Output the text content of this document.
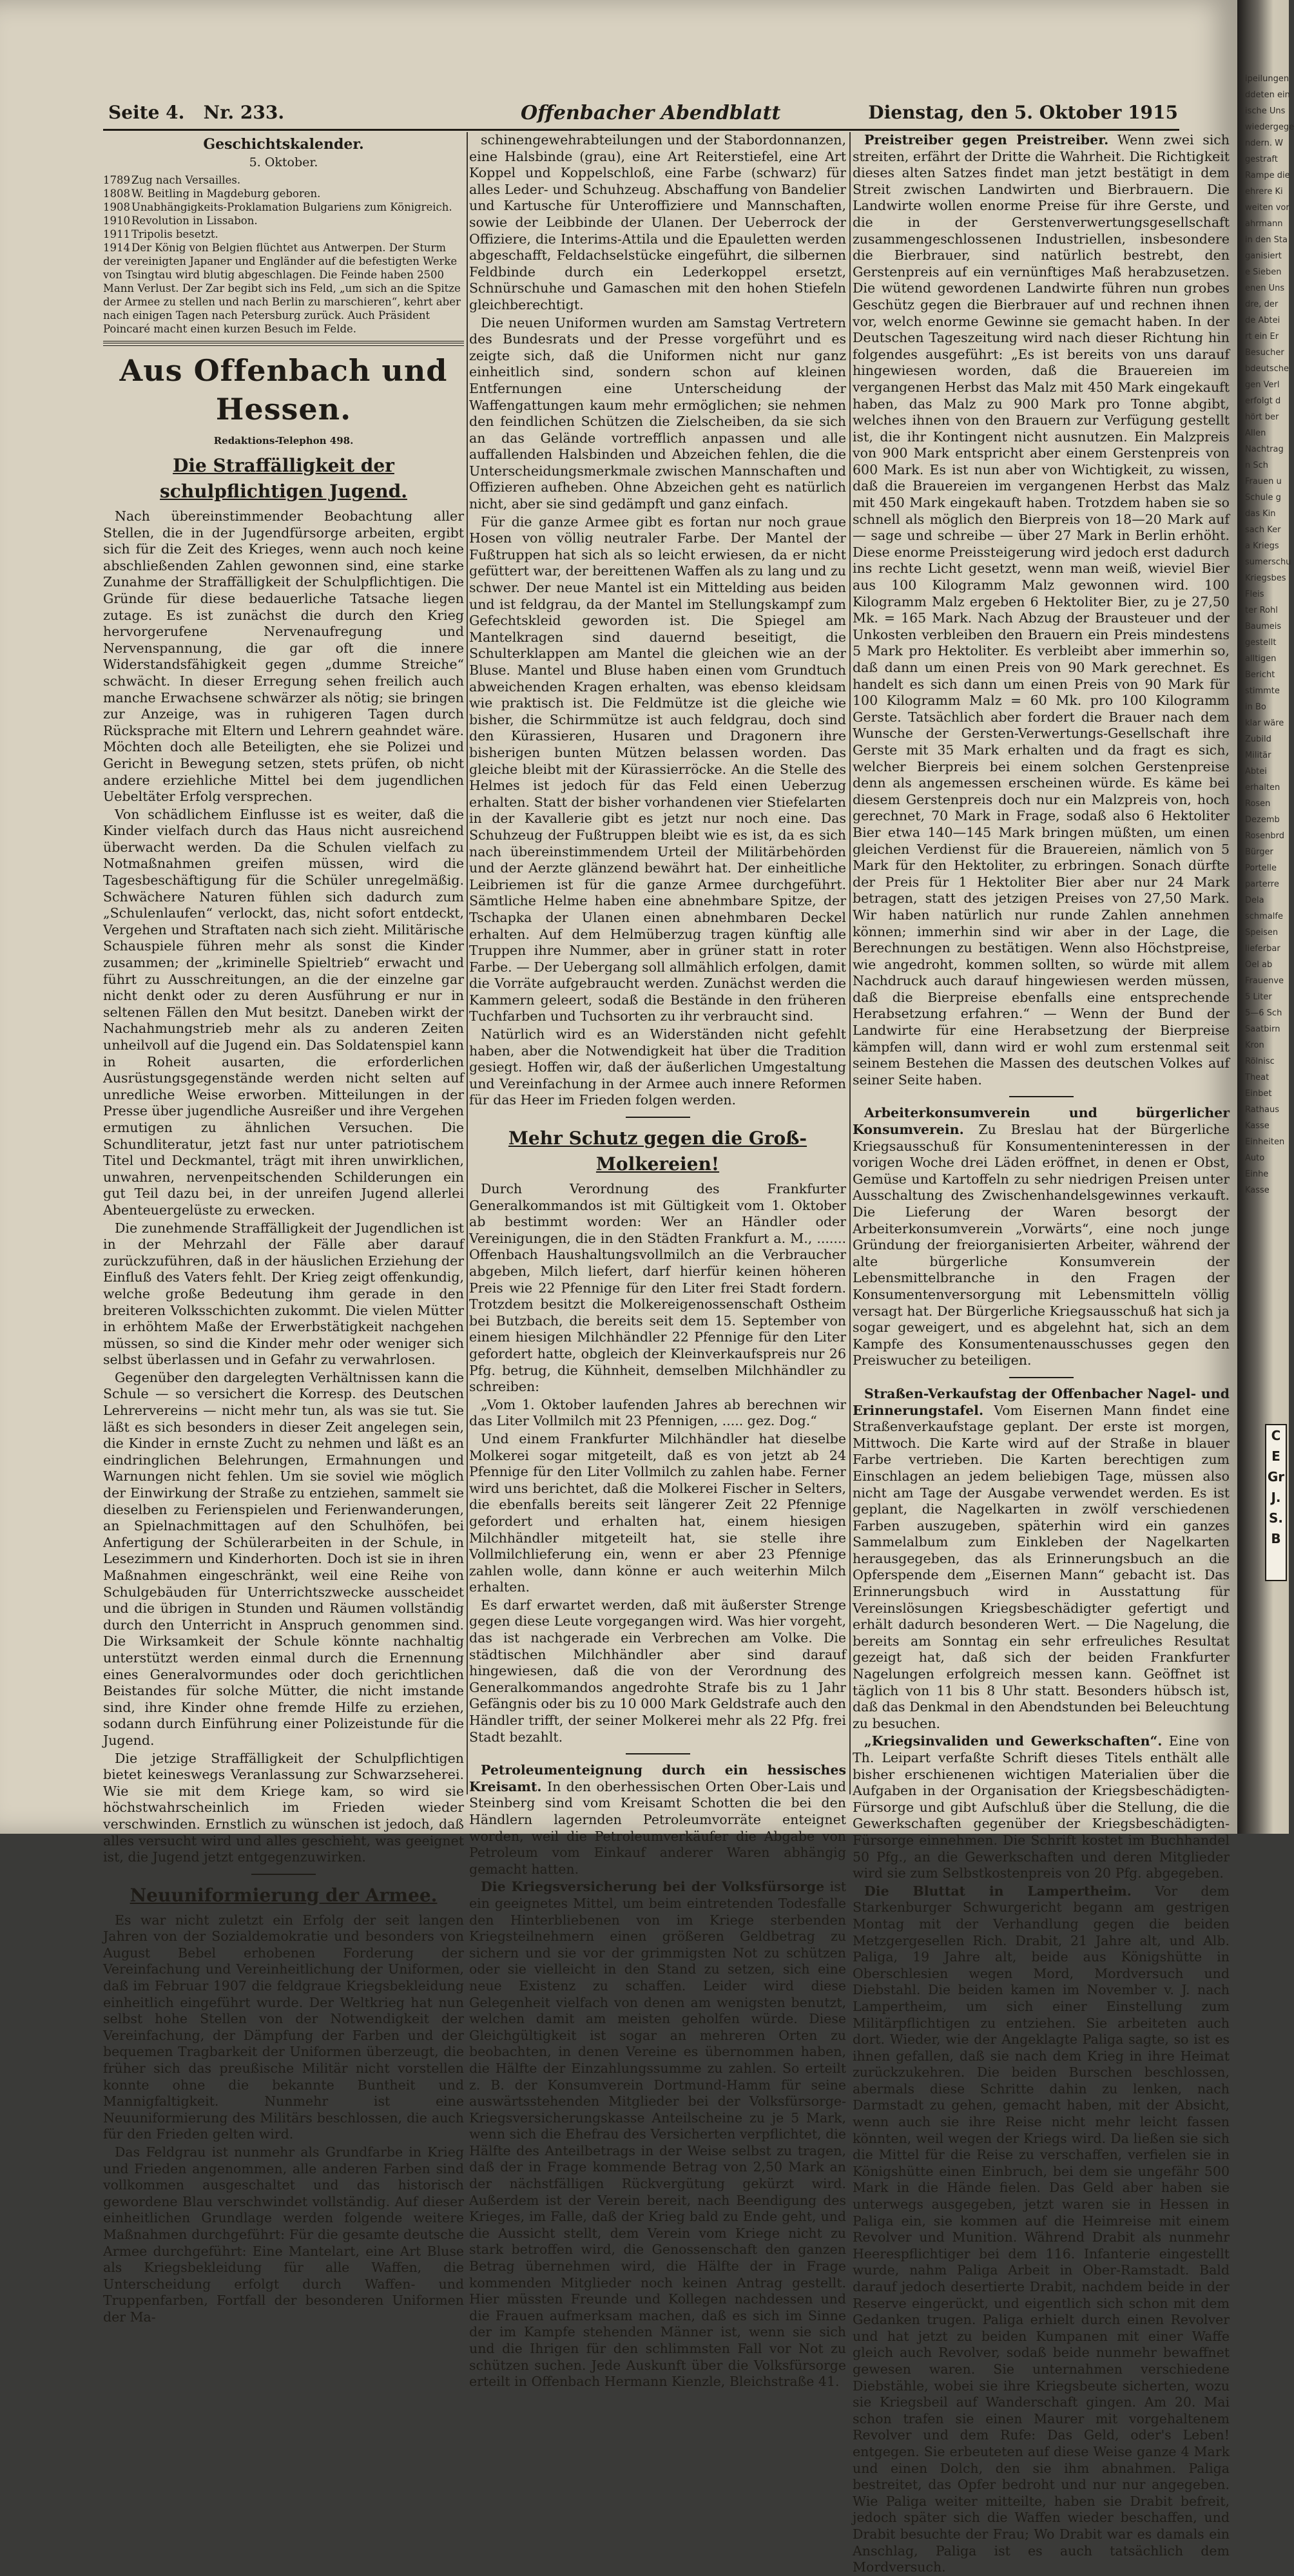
Seite 4. Nr. 233.	Offenbacher Abendblatt	Dienstag, den 5. Oktober 1915
Geschichtskalender.
5. Oktober.
1789 Zug nach Versailles.
1808 W. Beitling in Magdeburg geboren.
1908 Unabhängigkeits-Proklamation Bulgariens zum Königreich.
1910 Revolution in Lissabon.
1911 Tripolis besetzt.
1914 Der König von Belgien flüchtet aus Antwerpen. Der Sturm der vereinigten Japaner und Engländer auf die befestigten Werke von Tsingtau wird blutig abgeschlagen. Die Feinde haben 2500 Mann Verlust. Der Zar begibt sich ins Feld, „um sich an die Spitze der Armee zu stellen und nach Berlin zu marschieren“, kehrt aber nach einigen Tagen nach Petersburg zurück. Auch Präsident Poincaré macht einen kurzen Besuch im Felde.
Aus Offenbach und Hessen.
Redaktions-Telephon 498.
Die Straffälligkeit der schulpflichtigen Jugend.

Nach übereinstimmender Beobachtung aller Stellen, die in der Jugendfürsorge arbeiten, ergibt sich für die Zeit des Krieges, wenn auch noch keine abschließenden Zahlen gewonnen sind, eine starke Zunahme der Straffälligkeit der Schulpflichtigen. Die Gründe für diese bedauerliche Tatsache liegen zutage. Es ist zunächst die durch den Krieg hervorgerufene Nervenaufregung und Nervenspannung, die gar oft die innere Widerstandsfähigkeit gegen „dumme Streiche“ schwächt. In dieser Erregung sehen freilich auch manche Erwachsene schwärzer als nötig; sie bringen zur Anzeige, was in ruhigeren Tagen durch Rücksprache mit Eltern und Lehrern geahndet wäre. Möchten doch alle Beteiligten, ehe sie Polizei und Gericht in Bewegung setzen, stets prüfen, ob nicht andere erziehliche Mittel bei dem jugendlichen Uebeltäter Erfolg versprechen.

Von schädlichem Einflusse ist es weiter, daß die Kinder vielfach durch das Haus nicht ausreichend überwacht werden. Da die Schulen vielfach zu Notmaßnahmen greifen müssen, wird die Tagesbeschäftigung für die Schüler unregelmäßig. Schwächere Naturen fühlen sich dadurch zum „Schulenlaufen“ verlockt, das, nicht sofort entdeckt, Vergehen und Straftaten nach sich zieht. Militärische Schauspiele führen mehr als sonst die Kinder zusammen; der „kriminelle Spieltrieb“ erwacht und führt zu Ausschreitungen, an die der einzelne gar nicht denkt oder zu deren Ausführung er nur in seltenen Fällen den Mut besitzt. Daneben wirkt der Nachahmungstrieb mehr als zu anderen Zeiten unheilvoll auf die Jugend ein. Das Soldatenspiel kann in Roheit ausarten, die erforderlichen Ausrüstungsgegenstände werden nicht selten auf unredliche Weise erworben. Mitteilungen in der Presse über jugendliche Ausreißer und ihre Vergehen ermutigen zu ähnlichen Versuchen. Die Schundliteratur, jetzt fast nur unter patriotischem Titel und Deckmantel, trägt mit ihren unwirklichen, unwahren, nervenpeitschenden Schilderungen ein gut Teil dazu bei, in der unreifen Jugend allerlei Abenteuergelüste zu erwecken.

Die zunehmende Straffälligkeit der Jugendlichen ist in der Mehrzahl der Fälle aber darauf zurückzuführen, daß in der häuslichen Erziehung der Einfluß des Vaters fehlt. Der Krieg zeigt offenkundig, welche große Bedeutung ihm gerade in den breiteren Volksschichten zukommt. Die vielen Mütter in erhöhtem Maße der Erwerbstätigkeit nachgehen müssen, so sind die Kinder mehr oder weniger sich selbst überlassen und in Gefahr zu verwahrlosen.

Gegenüber den dargelegten Verhältnissen kann die Schule — so versichert die Korresp. des Deutschen Lehrervereins — nicht mehr tun, als was sie tut. Sie läßt es sich besonders in dieser Zeit angelegen sein, die Kinder in ernste Zucht zu nehmen und läßt es an eindringlichen Belehrungen, Ermahnungen und Warnungen nicht fehlen. Um sie soviel wie möglich der Einwirkung der Straße zu entziehen, sammelt sie dieselben zu Ferienspielen und Ferienwanderungen, an Spielnachmittagen auf den Schulhöfen, bei Anfertigung der Schülerarbeiten in der Schule, in Lesezimmern und Kinderhorten. Doch ist sie in ihren Maßnahmen eingeschränkt, weil eine Reihe von Schulgebäuden für Unterrichtszwecke ausscheidet und die übrigen in Stunden und Räumen vollständig durch den Unterricht in Anspruch genommen sind. Die Wirksamkeit der Schule könnte nachhaltig unterstützt werden einmal durch die Ernennung eines Generalvormundes oder doch gerichtlichen Beistandes für solche Mütter, die nicht imstande sind, ihre Kinder ohne fremde Hilfe zu erziehen, sodann durch Einführung einer Polizeistunde für die Jugend.

Die jetzige Straffälligkeit der Schulpflichtigen bietet keineswegs Veranlassung zur Schwarzseherei. Wie sie mit dem Kriege kam, so wird sie höchstwahrscheinlich im Frieden wieder verschwinden. Ernstlich zu wünschen ist jedoch, daß alles versucht wird und alles geschieht, was geeignet ist, die Jugend jetzt entgegenzuwirken.

Neuuniformierung der Armee.

Es war nicht zuletzt ein Erfolg der seit langen Jahren von der Sozialdemokratie und besonders von August Bebel erhobenen Forderung der Vereinfachung und Vereinheitlichung der Uniformen, daß im Februar 1907 die feldgraue Kriegsbekleidung einheitlich eingeführt wurde. Der Weltkrieg hat nun selbst hohe Stellen von der Notwendigkeit der Vereinfachung, der Dämpfung der Farben und der bequemen Tragbarkeit der Uniformen überzeugt, die früher sich das preußische Militär nicht vorstellen konnte ohne die bekannte Buntheit und Mannigfaltigkeit. Nunmehr ist eine Neuuniformierung des Militärs beschlossen, die auch für den Frieden gelten wird.

Das Feldgrau ist nunmehr als Grundfarbe in Krieg und Frieden angenommen, alle anderen Farben sind vollkommen ausgeschaltet und das historisch gewordene Blau verschwindet vollständig. Auf dieser einheitlichen Grundlage werden folgende weitere Maßnahmen durchgeführt: Für die gesamte deutsche Armee durchgeführt: Eine Mantelart, eine Art Bluse als Kriegsbekleidung für alle Waffen, die Unterscheidung erfolgt durch Waffen- und Truppenfarben, Fortfall der besonderen Uniformen der Ma-

schinengewehrabteilungen und der Stabordonnanzen, eine Halsbinde (grau), eine Art Reiterstiefel, eine Art Koppel und Koppelschloß, eine Farbe (schwarz) für alles Leder- und Schuhzeug. Abschaffung von Bandelier und Kartusche für Unteroffiziere und Mannschaften, sowie der Leibbinde der Ulanen. Der Ueberrock der Offiziere, die Interims-Attila und die Epauletten werden abgeschafft, Feldachselstücke eingeführt, die silbernen Feldbinde durch ein Lederkoppel ersetzt, Schnürschuhe und Gamaschen mit den hohen Stiefeln gleichberechtigt.

Die neuen Uniformen wurden am Samstag Vertretern des Bundesrats und der Presse vorgeführt und es zeigte sich, daß die Uniformen nicht nur ganz einheitlich sind, sondern schon auf kleinen Entfernungen eine Unterscheidung der Waffengattungen kaum mehr ermöglichen; sie nehmen den feindlichen Schützen die Zielscheiben, da sie sich an das Gelände vortrefflich anpassen und alle auffallenden Halsbinden und Abzeichen fehlen, die die Unterscheidungsmerkmale zwischen Mannschaften und Offizieren aufheben. Ohne Abzeichen geht es natürlich nicht, aber sie sind gedämpft und ganz einfach.

Für die ganze Armee gibt es fortan nur noch graue Hosen von völlig neutraler Farbe. Der Mantel der Fußtruppen hat sich als so leicht erwiesen, da er nicht gefüttert war, der bereittenen Waffen als zu lang und zu schwer. Der neue Mantel ist ein Mittelding aus beiden und ist feldgrau, da der Mantel im Stellungskampf zum Gefechtskleid geworden ist. Die Spiegel am Mantelkragen sind dauernd beseitigt, die Schulterklappen am Mantel die gleichen wie an der Bluse. Mantel und Bluse haben einen vom Grundtuch abweichenden Kragen erhalten, was ebenso kleidsam wie praktisch ist. Die Feldmütze ist die gleiche wie bisher, die Schirmmütze ist auch feldgrau, doch sind den Kürassieren, Husaren und Dragonern ihre bisherigen bunten Mützen belassen worden. Das gleiche bleibt mit der Kürassierröcke. An die Stelle des Helmes ist jedoch für das Feld einen Ueberzug erhalten. Statt der bisher vorhandenen vier Stiefelarten in der Kavallerie gibt es jetzt nur noch eine. Das Schuhzeug der Fußtruppen bleibt wie es ist, da es sich nach übereinstimmendem Urteil der Militärbehörden und der Aerzte glänzend bewährt hat. Der einheitliche Leibriemen ist für die ganze Armee durchgeführt. Sämtliche Helme haben eine abnehmbare Spitze, der Tschapka der Ulanen einen abnehmbaren Deckel erhalten. Auf dem Helmüberzug tragen künftig alle Truppen ihre Nummer, aber in grüner statt in roter Farbe. — Der Uebergang soll allmählich erfolgen, damit die Vorräte aufgebraucht werden. Zunächst werden die Kammern geleert, sodaß die Bestände in den früheren Tuchfarben und Tuchsorten zu ihr verbraucht sind.

Natürlich wird es an Widerständen nicht gefehlt haben, aber die Notwendigkeit hat über die Tradition gesiegt. Hoffen wir, daß der äußerlichen Umgestaltung und Vereinfachung in der Armee auch innere Reformen für das Heer im Frieden folgen werden.

Mehr Schutz gegen die Groß-Molkereien!

Durch Verordnung des Frankfurter Generalkommandos ist mit Gültigkeit vom 1. Oktober ab bestimmt worden: Wer an Händler oder Vereinigungen, die in den Städten Frankfurt a. M., ....... Offenbach Haushaltungsvollmilch an die Verbraucher abgeben, Milch liefert, darf hierfür keinen höheren Preis wie 22 Pfennige für den Liter frei Stadt fordern. Trotzdem besitzt die Molkereigenossenschaft Ostheim bei Butzbach, die bereits seit dem 15. September von einem hiesigen Milchhändler 22 Pfennige für den Liter gefordert hatte, obgleich der Kleinverkaufspreis nur 26 Pfg. betrug, die Kühnheit, demselben Milchhändler zu schreiben:

„Vom 1. Oktober laufenden Jahres ab berechnen wir das Liter Vollmilch mit 23 Pfennigen, ..... gez. Dog.“

Und einem Frankfurter Milchhändler hat dieselbe Molkerei sogar mitgeteilt, daß es von jetzt ab 24 Pfennige für den Liter Vollmilch zu zahlen habe. Ferner wird uns berichtet, daß die Molkerei Fischer in Selters, die ebenfalls bereits seit längerer Zeit 22 Pfennige gefordert und erhalten hat, einem hiesigen Milchhändler mitgeteilt hat, sie stelle ihre Vollmilchlieferung ein, wenn er aber 23 Pfennige zahlen wolle, dann könne er auch weiterhin Milch erhalten.

Es darf erwartet werden, daß mit äußerster Strenge gegen diese Leute vorgegangen wird. Was hier vorgeht, das ist nachgerade ein Verbrechen am Volke. Die städtischen Milchhändler aber sind darauf hingewiesen, daß die von der Verordnung des Generalkommandos angedrohte Strafe bis zu 1 Jahr Gefängnis oder bis zu 10 000 Mark Geldstrafe auch den Händler trifft, der seiner Molkerei mehr als 22 Pfg. frei Stadt bezahlt.

Petroleumenteignung durch ein hessisches Kreisamt. In den oberhessischen Orten Ober-Lais und Steinberg sind vom Kreisamt Schotten die bei den Händlern lagernden Petroleumvorräte enteignet worden, weil die Petroleumverkäufer die Abgabe von Petroleum vom Einkauf anderer Waren abhängig gemacht hatten.

Die Kriegsversicherung bei der Volksfürsorge ist ein geeignetes Mittel, um beim eintretenden Todesfalle den Hinterbliebenen von im Kriege sterbenden Kriegsteilnehmern einen größeren Geldbetrag zu sichern und sie vor der grimmigsten Not zu schützen oder sie vielleicht in den Stand zu setzen, sich eine neue Existenz zu schaffen. Leider wird diese Gelegenheit vielfach von denen am wenigsten benutzt, welchen damit am meisten geholfen würde. Diese Gleichgültigkeit ist sogar an mehreren Orten zu beobachten, in denen Vereine es übernommen haben, die Hälfte der Einzahlungssumme zu zahlen. So erteilt z. B. der Konsumverein Dortmund-Hamm für seine auswärtsstehenden Mitglieder bei der Volksfürsorge-Kriegsversicherungskasse Anteilscheine zu je 5 Mark, wenn sich die Ehefrau des Versicherten verpflichtet, die Hälfte des Anteilbetrags in der Weise selbst zu tragen, daß der in Frage kommende Betrag von 2,50 Mark an der nächstfälligen Rückvergütung gekürzt wird. Außerdem ist der Verein bereit, nach Beendigung des Krieges, im Falle, daß der Krieg bald zu Ende geht, und die Aussicht stellt, dem Verein vom Kriege nicht zu stark betroffen wird, die Genossenschaft den ganzen Betrag übernehmen wird, die Hälfte der in Frage kommenden Mitglieder noch keinen Antrag gestellt. Hier müssten Freunde und Kollegen nachdessen und die Frauen aufmerksam machen, daß es sich im Sinne der im Kampfe stehenden Männer ist, wenn sie sich und die Ihrigen für den schlimmsten Fall vor Not zu schützen suchen. Jede Auskunft über die Volksfürsorge erteilt in Offenbach Hermann Kienzle, Bleichstraße 41.

Preistreiber gegen Preistreiber. Wenn zwei sich streiten, erfährt der Dritte die Wahrheit. Die Richtigkeit dieses alten Satzes findet man jetzt bestätigt in dem Streit zwischen Landwirten und Bierbrauern. Die Landwirte wollen enorme Preise für ihre Gerste, und die in der Gerstenverwertungsgesellschaft zusammengeschlossenen Industriellen, insbesondere die Bierbrauer, sind natürlich bestrebt, den Gerstenpreis auf ein vernünftiges Maß herabzusetzen. Die wütend gewordenen Landwirte führen nun grobes Geschütz gegen die Bierbrauer auf und rechnen ihnen vor, welch enorme Gewinne sie gemacht haben. In der Deutschen Tageszeitung wird nach dieser Richtung hin folgendes ausgeführt: „Es ist bereits von uns darauf hingewiesen worden, daß die Brauereien im vergangenen Herbst das Malz mit 450 Mark eingekauft haben, das Malz zu 900 Mark pro Tonne abgibt, welches ihnen von den Brauern zur Verfügung gestellt ist, die ihr Kontingent nicht ausnutzen. Ein Malzpreis von 900 Mark entspricht aber einem Gerstenpreis von 600 Mark. Es ist nun aber von Wichtigkeit, zu wissen, daß die Brauereien im vergangenen Herbst das Malz mit 450 Mark eingekauft haben. Trotzdem haben sie so schnell als möglich den Bierpreis von 18—20 Mark auf — sage und schreibe — über 27 Mark in Berlin erhöht. Diese enorme Preissteigerung wird jedoch erst dadurch ins rechte Licht gesetzt, wenn man weiß, wieviel Bier aus 100 Kilogramm Malz gewonnen wird. 100 Kilogramm Malz ergeben 6 Hektoliter Bier, zu je 27,50 Mk. = 165 Mark. Nach Abzug der Brausteuer und der Unkosten verbleiben den Brauern ein Preis mindestens 5 Mark pro Hektoliter. Es verbleibt aber immerhin so, daß dann um einen Preis von 90 Mark gerechnet. Es handelt es sich dann um einen Preis von 90 Mark für 100 Kilogramm Malz = 60 Mk. pro 100 Kilogramm Gerste. Tatsächlich aber fordert die Brauer nach dem Wunsche der Gersten-Verwertungs-Gesellschaft ihre Gerste mit 35 Mark erhalten und da fragt es sich, welcher Bierpreis bei einem solchen Gerstenpreise denn als angemessen erscheinen würde. Es käme bei diesem Gerstenpreis doch nur ein Malzpreis von, hoch gerechnet, 70 Mark in Frage, sodaß also 6 Hektoliter Bier etwa 140—145 Mark bringen müßten, um einen gleichen Verdienst für die Brauereien, nämlich von 5 Mark für den Hektoliter, zu erbringen. Sonach dürfte der Preis für 1 Hektoliter Bier aber nur 24 Mark betragen, statt des jetzigen Preises von 27,50 Mark. Wir haben natürlich nur runde Zahlen annehmen können; immerhin sind wir aber in der Lage, die Berechnungen zu bestätigen. Wenn also Höchstpreise, wie angedroht, kommen sollten, so würde mit allem Nachdruck auch darauf hingewiesen werden müssen, daß die Bierpreise ebenfalls eine entsprechende Herabsetzung erfahren.“ — Wenn der Bund der Landwirte für eine Herabsetzung der Bierpreise kämpfen will, dann wird er wohl zum erstenmal seit seinem Bestehen die Massen des deutschen Volkes auf seiner Seite haben.

Arbeiterkonsumverein und bürgerlicher Konsumverein. Zu Breslau hat der Bürgerliche Kriegsausschuß für Konsumenteninteressen in der vorigen Woche drei Läden eröffnet, in denen er Obst, Gemüse und Kartoffeln zu sehr niedrigen Preisen unter Ausschaltung des Zwischenhandelsgewinnes verkauft. Die Lieferung der Waren besorgt der Arbeiterkonsumverein „Vorwärts“, eine noch junge Gründung der freiorganisierten Arbeiter, während der alte bürgerliche Konsumverein der Lebensmittelbranche in den Fragen der Konsumentenversorgung mit Lebensmitteln völlig versagt hat. Der Bürgerliche Kriegsausschuß hat sich ja sogar geweigert, und es abgelehnt hat, sich an dem Kampfe des Konsumentenausschusses gegen den Preiswucher zu beteiligen.

Straßen-Verkaufstag der Offenbacher Nagel- und Erinnerungstafel. Vom Eisernen Mann findet eine Straßenverkaufstage geplant. Der erste ist morgen, Mittwoch. Die Karte wird auf der Straße in blauer Farbe vertrieben. Die Karten berechtigen zum Einschlagen an jedem beliebigen Tage, müssen also nicht am Tage der Ausgabe verwendet werden. Es ist geplant, die Nagelkarten in zwölf verschiedenen Farben auszugeben, späterhin wird ein ganzes Sammelalbum zum Einkleben der Nagelkarten herausgegeben, das als Erinnerungsbuch an die Opferspende dem „Eisernen Mann“ gebacht ist. Das Erinnerungsbuch wird in Ausstattung für Vereinslösungen Kriegsbeschädigter gefertigt und erhält dadurch besonderen Wert. — Die Nagelung, die bereits am Sonntag ein sehr erfreuliches Resultat gezeigt hat, daß sich der beiden Frankfurter Nagelungen erfolgreich messen kann. Geöffnet ist täglich von 11 bis 8 Uhr statt. Besonders hübsch ist, daß das Denkmal in den Abendstunden bei Beleuchtung zu besuchen.

„Kriegsinvaliden und Gewerkschaften“. Eine von Th. Leipart verfaßte Schrift dieses Titels enthält alle bisher erschienenen wichtigen Materialien über die Aufgaben in der Organisation der Kriegsbeschädigten-Fürsorge und gibt Aufschluß über die Stellung, die die Gewerkschaften gegenüber der Kriegsbeschädigten-Fürsorge einnehmen. Die Schrift kostet im Buchhandel 50 Pfg., an die Gewerkschaften und deren Mitglieder wird sie zum Selbstkostenpreis von 20 Pfg. abgegeben.

Die Bluttat in Lampertheim. Vor dem Starkenburger Schwurgericht begann am gestrigen Montag mit der Verhandlung gegen die beiden Metzgergesellen Rich. Drabit, 21 Jahre alt, und Alb. Paliga, 19 Jahre alt, beide aus Königshütte in Oberschlesien wegen Mord, Mordversuch und Diebstahl. Die beiden kamen im November v. J. nach Lampertheim, um sich einer Einstellung zum Militärpflichtigen zu entziehen. Sie arbeiteten auch dort. Wieder, wie der Angeklagte Paliga sagte, so ist es ihnen gefallen, daß sie nach dem Krieg in ihre Heimat zurückzukehren. Die beiden Burschen beschlossen, abermals diese Schritte dahin zu lenken, nach Darmstadt zu gehen, gemacht haben, mit der Absicht, wenn auch sie ihre Reise nicht mehr leicht fassen könnten, weil wegen der Kriegs wird. Da ließen sie sich die Mittel für die Reise zu verschaffen, verfielen sie in Königshütte einen Einbruch, bei dem sie ungefähr 500 Mark in die Hände fielen. Das Geld aber haben sie unterwegs ausgegeben, jetzt waren sie in Hessen in Paliga ein, sie kommen auf die Heimreise mit einem Revolver und Munition. Während Drabit als nunmehr Heerespflichtiger bei dem 116. Infanterie eingestellt wurde, nahm Paliga Arbeit in Ober-Ramstadt. Bald darauf jedoch desertierte Drabit, nachdem beide in der Reserve eingerückt, und eigentlich sich schon mit dem Gedanken trugen. Paliga erhielt durch einen Revolver und hat jetzt zu beiden Kumpanen mit einer Waffe gleich auch Revolver, sodaß beide nunmehr bewaffnet gewesen waren. Sie unternahmen verschiedene Diebstähle, wobei sie ihre Kriegsbeute sicherten, wozu sie Kriegsbeil auf Wanderschaft gingen. Am 20. Mai schon trafen sie einen Maurer mit vorgehaltenem Revolver und dem Rufe: Das Geld, oder's Leben! entgegen. Sie erbeuteten auf diese Weise ganze 4 Mark und einen Dolch, den sie ihm abnahmen. Paliga bestreitet, das Opfer bedroht und nur nur angegeben. Wie Paliga weiter mitteilte, haben sie Drabit befreit, jedoch später sich die Waffen wieder beschaffen, und Drabit besuchte der Frau; Wo Drabit war es damals ein Anschlag, Paliga ist es auch tatsächlich dem Mordversuch.

ipeilungen
ddeten ein
ische Uns
wiedergege
ndern. W
gestraft
Rampe die
ehrere Ki
weiten vor
ahrmann
in den Sta
ganisiert
e Sieben
enen Uns
dre, der
de Abtei
rt ein Er
Besucher
bdeutsche
gen Verl
erfolgt d
hört ber
Allen
Nachtrag
n Sch
Frauen u
Schule g
das Kin
sach Ker
a Kriegs
sumerschu
Kriegsbes
Fleis
ter Rohl
Baumeis
gestellt
alltigen
Bericht
stimmte
in Bo
klar wäre
Zubild
Militär
Abtei
erhalten
Rosen
Dezemb
Rosenbrd
Bürger
Portelle
parterre
Dela
schmalfe
Speisen
lieferbar
Oel ab
Frauenve
5 Liter
5—6 Sch
Saatbirn
Kron
Rölnisc
Theat
Einbet
Rathaus
Kasse
Einheiten
Auto
Einhe
Kasse
C
E
Gr
J.
S.
B
